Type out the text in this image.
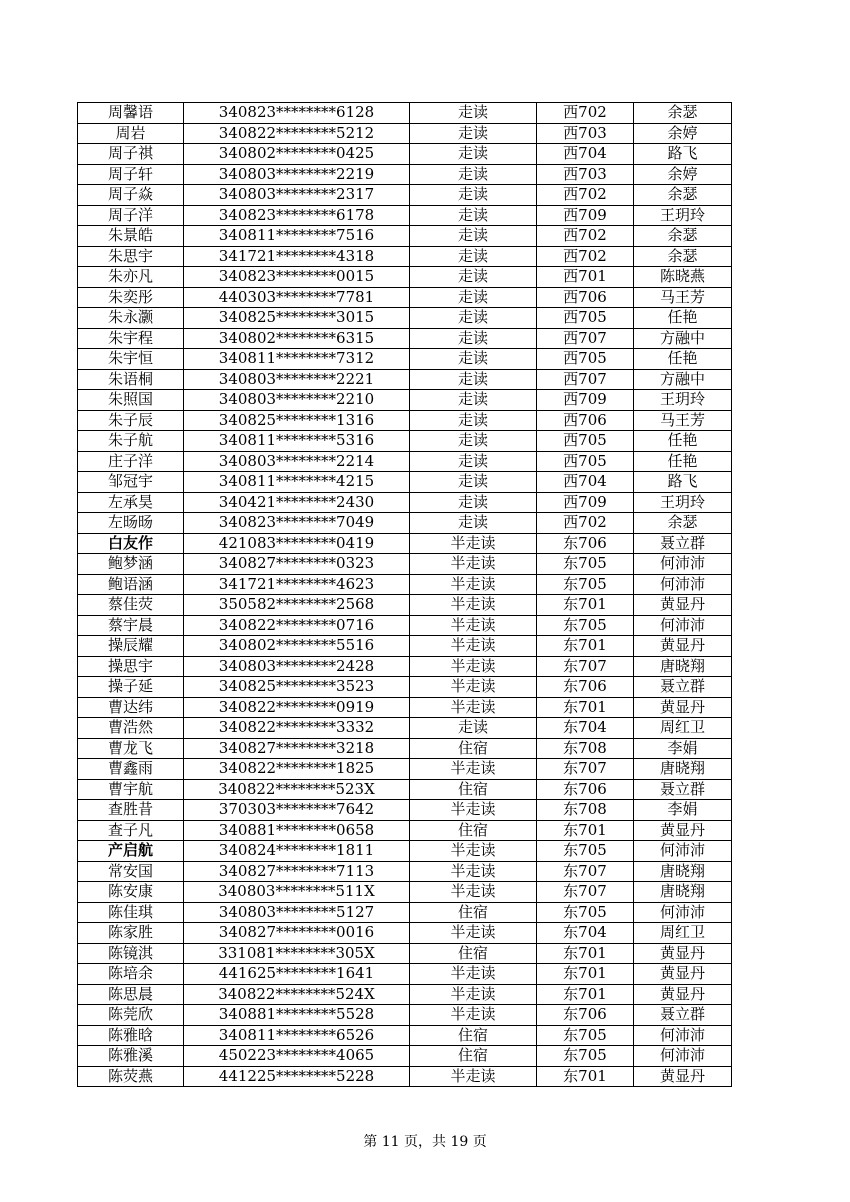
周馨语	340823********6128	走读	西702	余瑟
周岩	340822********5212	走读	西703	余婷
周子祺	340802********0425	走读	西704	路飞
周子轩	340803********2219	走读	西703	余婷
周子焱	340803********2317	走读	西702	余瑟
周子洋	340823********6178	走读	西709	王玥玲
朱景皓	340811********7516	走读	西702	余瑟
朱思宇	341721********4318	走读	西702	余瑟
朱亦凡	340823********0015	走读	西701	陈晓燕
朱奕彤	440303********7781	走读	西706	马王芳
朱永灏	340825********3015	走读	西705	任艳
朱宇程	340802********6315	走读	西707	方融中
朱宇恒	340811********7312	走读	西705	任艳
朱语桐	340803********2221	走读	西707	方融中
朱照国	340803********2210	走读	西709	王玥玲
朱子辰	340825********1316	走读	西706	马王芳
朱子航	340811********5316	走读	西705	任艳
庄子洋	340803********2214	走读	西705	任艳
邹冠宇	340811********4215	走读	西704	路飞
左承昊	340421********2430	走读	西709	王玥玲
左旸旸	340823********7049	走读	西702	余瑟
白友作	421083********0419	半走读	东706	聂立群
鲍梦涵	340827********0323	半走读	东705	何沛沛
鲍语涵	341721********4623	半走读	东705	何沛沛
蔡佳荧	350582********2568	半走读	东701	黄显丹
蔡宇晨	340822********0716	半走读	东705	何沛沛
操辰耀	340802********5516	半走读	东701	黄显丹
操思宇	340803********2428	半走读	东707	唐晓翔
操子延	340825********3523	半走读	东706	聂立群
曹达纬	340822********0919	半走读	东701	黄显丹
曹浩然	340822********3332	走读	东704	周红卫
曹龙飞	340827********3218	住宿	东708	李娟
曹鑫雨	340822********1825	半走读	东707	唐晓翔
曹宇航	340822********523X	住宿	东706	聂立群
查胜昔	370303********7642	半走读	东708	李娟
查子凡	340881********0658	住宿	东701	黄显丹
产启航	340824********1811	半走读	东705	何沛沛
常安国	340827********7113	半走读	东707	唐晓翔
陈安康	340803********511X	半走读	东707	唐晓翔
陈佳琪	340803********5127	住宿	东705	何沛沛
陈家胜	340827********0016	半走读	东704	周红卫
陈镜淇	331081********305X	住宿	东701	黄显丹
陈培余	441625********1641	半走读	东701	黄显丹
陈思晨	340822********524X	半走读	东701	黄显丹
陈莞欣	340881********5528	半走读	东706	聂立群
陈雅晗	340811********6526	住宿	东705	何沛沛
陈雅溪	450223********4065	住宿	东705	何沛沛
陈荧燕	441225********5228	半走读	东701	黄显丹
第 11 页，共 19 页
